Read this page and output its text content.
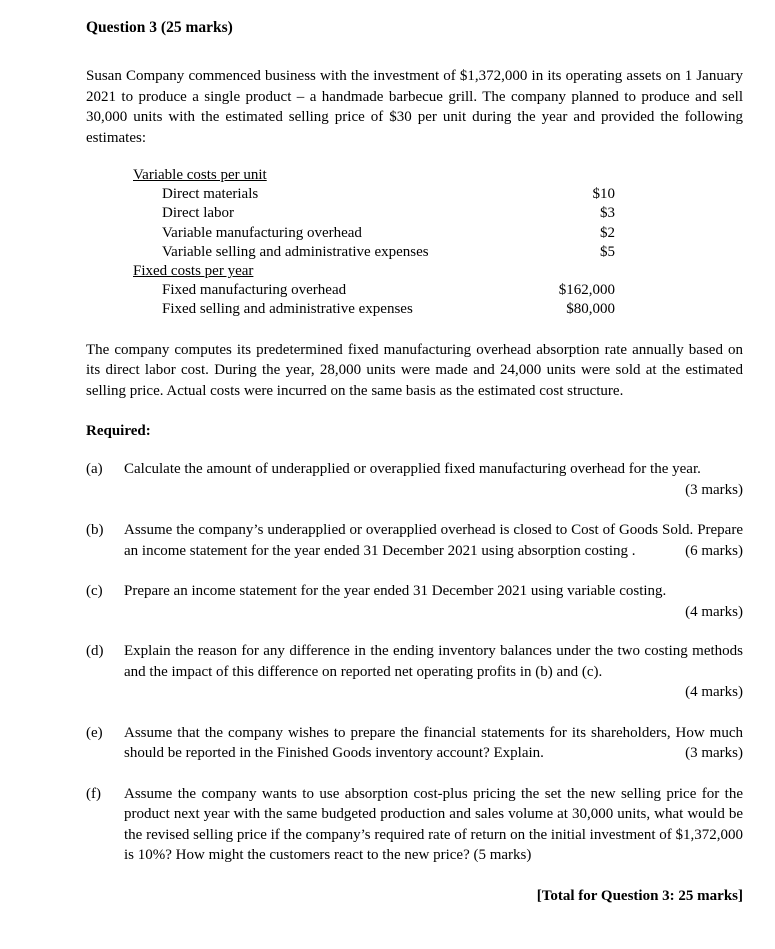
Question 3 (25 marks)

Susan Company commenced business with the investment of $1,372,000 in its operating assets on 1 January 2021 to produce a single product – a handmade barbecue grill. The company planned to produce and sell 30,000 units with the estimated selling price of $30 per unit during the year and provided the following estimates:

Variable costs per unit
Direct materials	$10
Direct labor	$3
Variable manufacturing overhead	$2
Variable selling and administrative expenses	$5
Fixed costs per year
Fixed manufacturing overhead	$162,000
Fixed selling and administrative expenses	$80,000

The company computes its predetermined fixed manufacturing overhead absorption rate annually based on its direct labor cost. During the year, 28,000 units were made and 24,000 units were sold at the estimated selling price. Actual costs were incurred on the same basis as the estimated cost structure.

Required:

(a) Calculate the amount of underapplied or overapplied fixed manufacturing overhead for the year.
(3 marks)
(b) Assume the company’s underapplied or overapplied overhead is closed to Cost of Goods Sold. Prepare an income statement for the year ended 31 December 2021 using absorption costing .	(6 marks)
(c) Prepare an income statement for the year ended 31 December 2021 using variable costing.
(4 marks)
(d) Explain the reason for any difference in the ending inventory balances under the two costing methods and the impact of this difference on reported net operating profits in (b) and (c).
(4 marks)
(e) Assume that the company wishes to prepare the financial statements for its shareholders, How much should be reported in the Finished Goods inventory account? Explain.	(3 marks)
(f) Assume the company wants to use absorption cost-plus pricing the set the new selling price for the product next year with the same budgeted production and sales volume at 30,000 units, what would be the revised selling price if the company’s required rate of return on the initial investment of $1,372,000 is 10%? How might the customers react to the new price? (5 marks)

[Total for Question 3: 25 marks]
